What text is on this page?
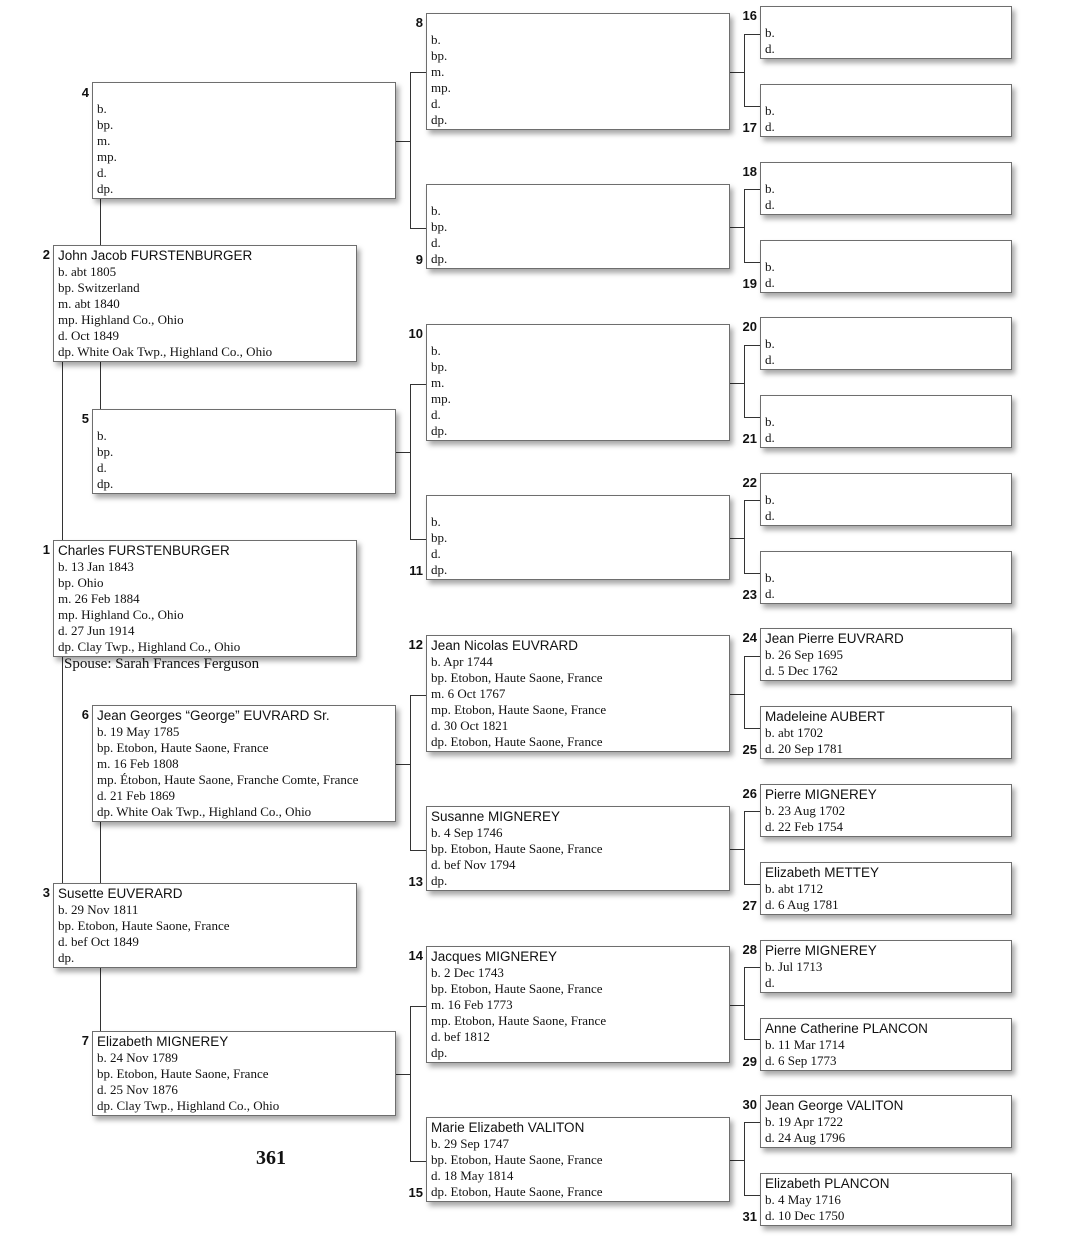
Charles FURSTENBURGER
b. 13 Jan 1843
bp. Ohio
m. 26 Feb 1884
mp. Highland Co., Ohio
d. 27 Jun 1914
dp. Clay Twp., Highland Co., Ohio
1
John Jacob FURSTENBURGER
b. abt 1805
bp. Switzerland
m. abt 1840
mp. Highland Co., Ohio
d. Oct 1849
dp. White Oak Twp., Highland Co., Ohio
2
Susette EUVERARD
b. 29 Nov 1811
bp. Etobon, Haute Saone, France
d. bef Oct 1849
dp.
3
b.
bp.
m.
mp.
d.
dp.
4
b.
bp.
d.
dp.
5
Jean Georges “George” EUVRARD Sr.
b. 19 May 1785
bp. Etobon, Haute Saone, France
m. 16 Feb 1808
mp. Étobon, Haute Saone, Franche Comte, France
d. 21 Feb 1869
dp. White Oak Twp., Highland Co., Ohio
6
Elizabeth MIGNEREY
b. 24 Nov 1789
bp. Etobon, Haute Saone, France
d. 25 Nov 1876
dp. Clay Twp., Highland Co., Ohio
7
b.
bp.
m.
mp.
d.
dp.
8
b.
bp.
d.
dp.
9
b.
bp.
m.
mp.
d.
dp.
10
b.
bp.
d.
dp.
11
Jean Nicolas EUVRARD
b. Apr 1744
bp. Etobon, Haute Saone, France
m. 6 Oct 1767
mp. Etobon, Haute Saone, France
d. 30 Oct 1821
dp. Etobon, Haute Saone, France
12
Susanne MIGNEREY
b. 4 Sep 1746
bp. Etobon, Haute Saone, France
d. bef Nov 1794
dp.
13
Jacques MIGNEREY
b. 2 Dec 1743
bp. Etobon, Haute Saone, France
m. 16 Feb 1773
mp. Etobon, Haute Saone, France
d. bef 1812
dp.
14
Marie Elizabeth VALITON
b. 29 Sep 1747
bp. Etobon, Haute Saone, France
d. 18 May 1814
dp. Etobon, Haute Saone, France
15
b.
d.
16
b.
d.
17
b.
d.
18
b.
d.
19
b.
d.
20
b.
d.
21
b.
d.
22
b.
d.
23
Jean Pierre EUVRARD
b. 26 Sep 1695
d. 5 Dec 1762
24
Madeleine AUBERT
b. abt 1702
d. 20 Sep 1781
25
Pierre MIGNEREY
b. 23 Aug 1702
d. 22 Feb 1754
26
Elizabeth METTEY
b. abt 1712
d. 6 Aug 1781
27
Pierre MIGNEREY
b. Jul 1713
d.
28
Anne Catherine PLANCON
b. 11 Mar 1714
d. 6 Sep 1773
29
Jean George VALITON
b. 19 Apr 1722
d. 24 Aug 1796
30
Elizabeth PLANCON
b. 4 May 1716
d. 10 Dec 1750
31
Spouse: Sarah Frances Ferguson
361
